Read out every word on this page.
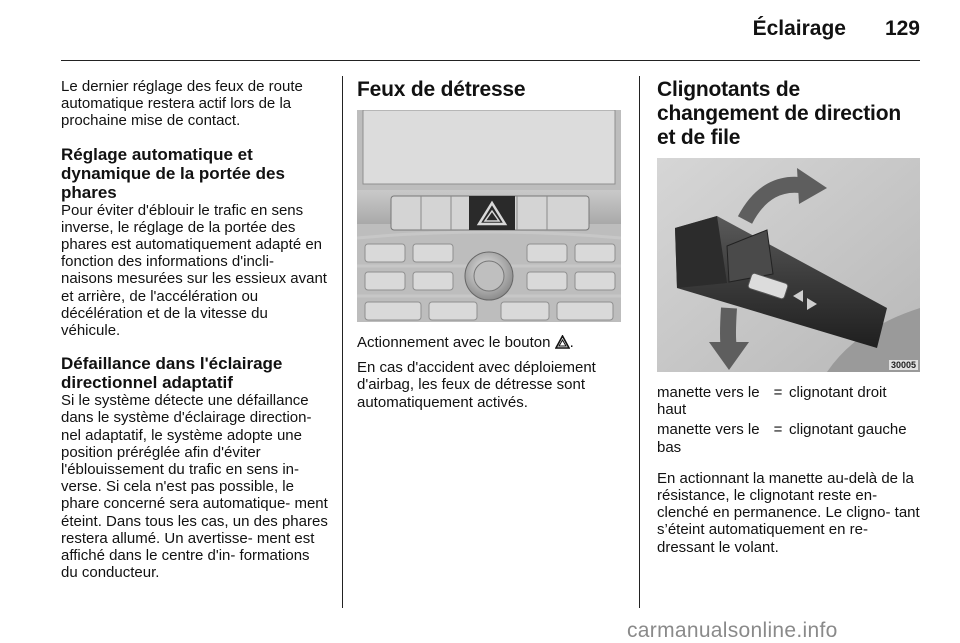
Éclairage 129

Le dernier réglage des feux de route automatique restera actif lors de la prochaine mise de contact.

Réglage automatique et dynamique de la portée des phares

Pour éviter d'éblouir le trafic en sens inverse, le réglage de la portée des phares est automatiquement adapté en fonction des informations d'incli- naisons mesurées sur les essieux avant et arrière, de l'accélération ou décélération et de la vitesse du véhicule.

Défaillance dans l'éclairage directionnel adaptatif

Si le système détecte une défaillance dans le système d'éclairage direction- nel adaptatif, le système adopte une position préréglée afin d'éviter l'éblouissement du trafic en sens in- verse. Si cela n'est pas possible, le phare concerné sera automatique- ment éteint. Dans tous les cas, un des phares restera allumé. Un avertisse- ment est affiché dans le centre d'in- formations du conducteur.

Feux de détresse

Actionnement avec le bouton .

En cas d'accident avec déploiement d'airbag, les feux de détresse sont automatiquement activés.

Clignotants de changement de direction et de file
30005
manette vers le haut	=	clignotant droit
manette vers le bas	=	clignotant gauche

En actionnant la manette au-delà de la résistance, le clignotant reste en- clenché en permanence. Le cligno- tant s’éteint automatiquement en re- dressant le volant.

carmanualsonline.info
